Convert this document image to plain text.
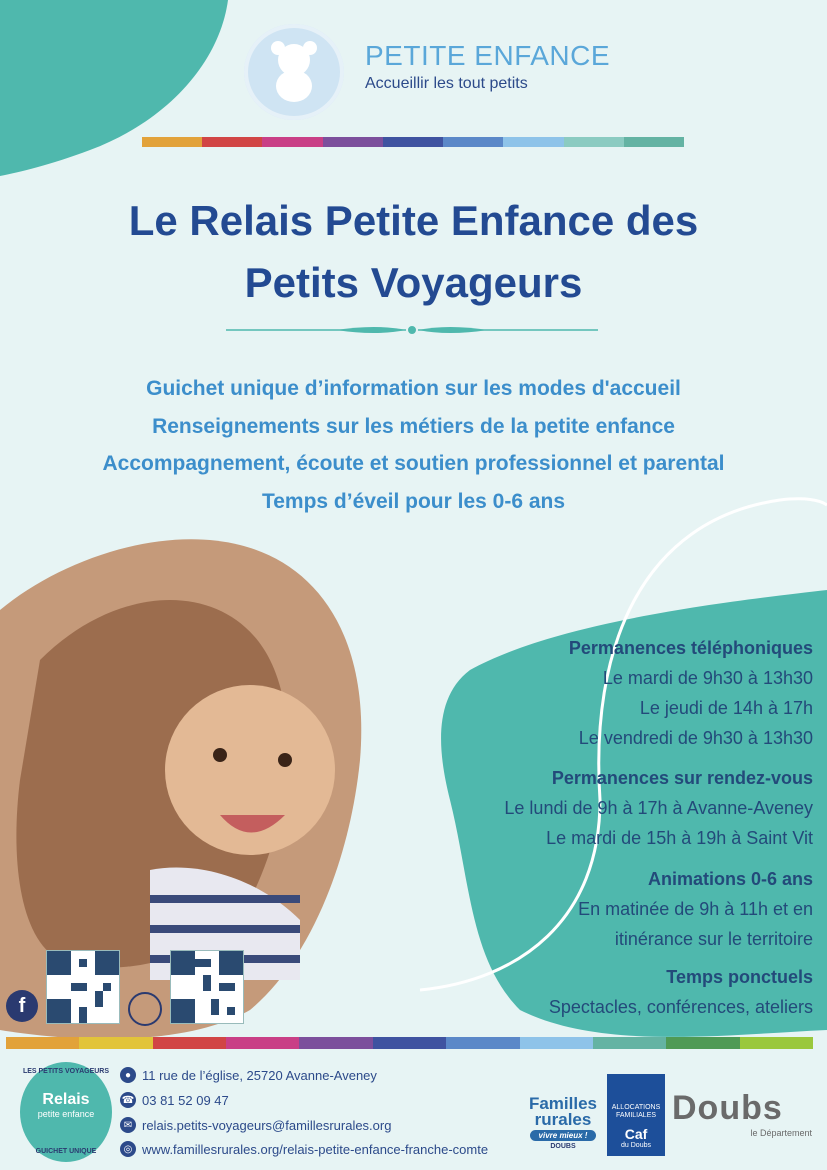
PETITE ENFANCE
Accueillir les tout petits
Le Relais Petite Enfance des
Petits Voyageurs
Guichet unique d’information sur les modes d'accueil
Renseignements sur les métiers de la petite enfance
Accompagnement, écoute et soutien professionnel et parental
Temps d’éveil pour les 0-6 ans
Permanences téléphoniques
Le mardi de 9h30 à 13h30
Le jeudi de 14h à 17h
Le vendredi de 9h30 à 13h30
Permanences sur rendez-vous
Le lundi de 9h à 17h à Avanne-Aveney
Le mardi de 15h à 19h à Saint Vit
Animations 0-6 ans
En matinée de 9h à 11h et en
itinérance sur le territoire
Temps ponctuels
Spectacles, conférences, ateliers
f
LES PETITS VOYAGEURS
Relais
petite enfance
GUICHET UNIQUE
● 11 rue de l’église, 25720 Avanne-Aveney
☎ 03 81 52 09 47
✉ relais.petits-voyageurs@famillesrurales.org
◎ www.famillesrurales.org/relais-petite-enfance-franche-comte
Familles rurales
vivre mieux !
DOUBS
ALLOCATIONS FAMILIALES
Caf
du Doubs
Doubs
le Département
